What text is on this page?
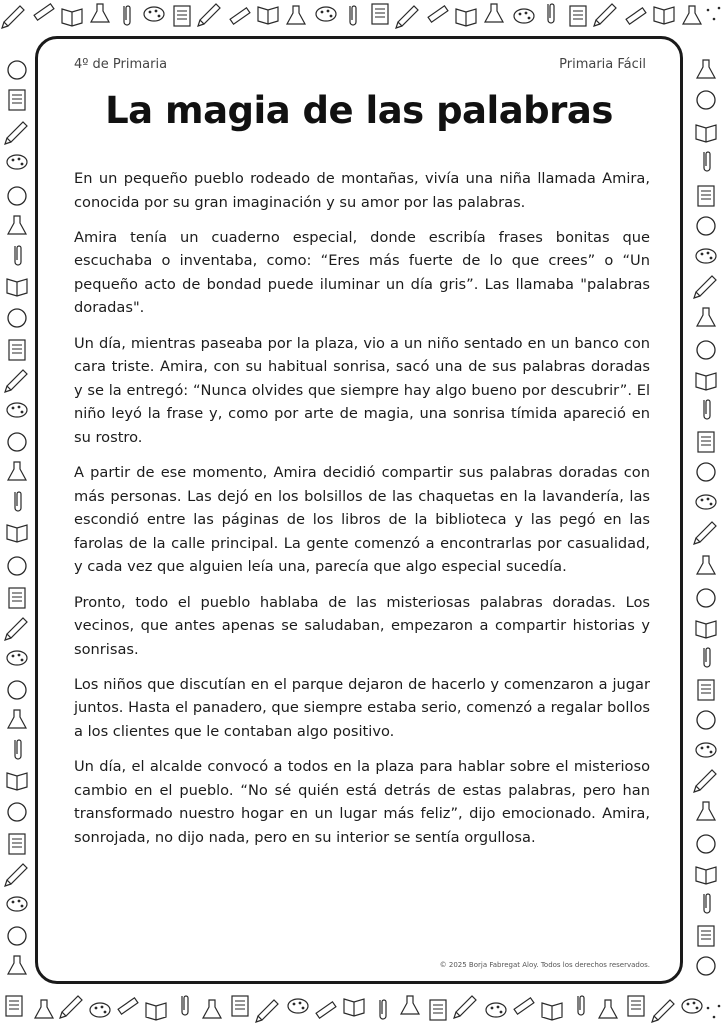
4º de Primaria	Primaria Fácil
La magia de las palabras

En un pequeño pueblo rodeado de montañas, vivía una niña llamada Amira, conocida por su gran imaginación y su amor por las palabras.

Amira tenía un cuaderno especial, donde escribía frases bonitas que escuchaba o inventaba, como: “Eres más fuerte de lo que crees” o “Un pequeño acto de bondad puede iluminar un día gris”. Las llamaba "palabras doradas".

Un día, mientras paseaba por la plaza, vio a un niño sentado en un banco con cara triste. Amira, con su habitual sonrisa, sacó una de sus palabras doradas y se la entregó: “Nunca olvides que siempre hay algo bueno por descubrir”. El niño leyó la frase y, como por arte de magia, una sonrisa tímida apareció en su rostro.

A partir de ese momento, Amira decidió compartir sus palabras doradas con más personas. Las dejó en los bolsillos de las chaquetas en la lavandería, las escondió entre las páginas de los libros de la biblioteca y las pegó en las farolas de la calle principal. La gente comenzó a encontrarlas por casualidad, y cada vez que alguien leía una, parecía que algo especial sucedía.

Pronto, todo el pueblo hablaba de las misteriosas palabras doradas. Los vecinos, que antes apenas se saludaban, empezaron a compartir historias y sonrisas.

Los niños que discutían en el parque dejaron de hacerlo y comenzaron a jugar juntos. Hasta el panadero, que siempre estaba serio, comenzó a regalar bollos a los clientes que le contaban algo positivo.

Un día, el alcalde convocó a todos en la plaza para hablar sobre el misterioso cambio en el pueblo. “No sé quién está detrás de estas palabras, pero han transformado nuestro hogar en un lugar más feliz”, dijo emocionado. Amira, sonrojada, no dijo nada, pero en su interior se sentía orgullosa.

© 2025 Borja Fabregat Aloy. Todos los derechos reservados.
